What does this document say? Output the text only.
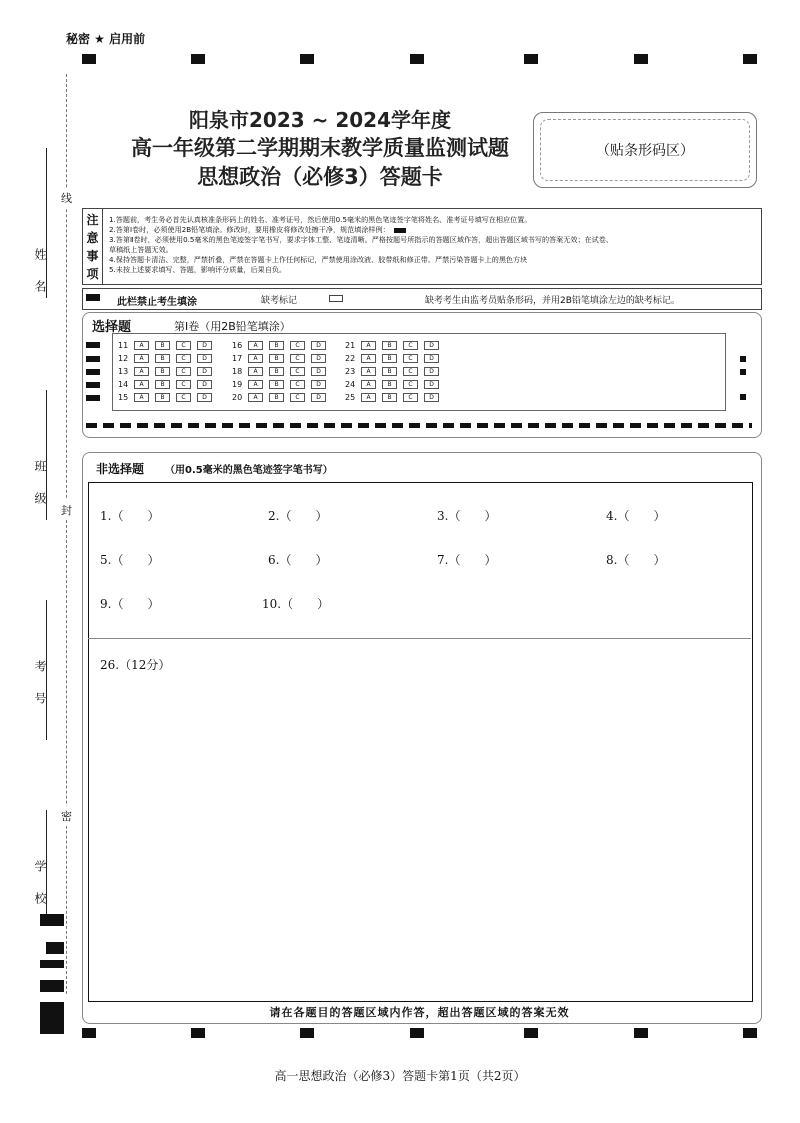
秘密 ★ 启用前
阳泉市2023 ~ 2024学年度
高一年级第二学期期末教学质量监测试题
思想政治（必修3）答题卡
（贴条形码区）
线
封
密
姓　名
班　级
考　号
学　校
注
意
事
项
1.答题前，考生务必首先认真核准条形码上的姓名、准考证号，然后使用0.5毫米的黑色笔迹签字笔将姓名、准考证号填写在相应位置。
2.答第Ⅰ卷时，必须使用2B铅笔填涂。修改时，要用橡皮将修改处擦干净，规范填涂样例：
3.答第Ⅱ卷时，必须使用0.5毫米的黑色笔迹签字笔书写，要求字体工整、笔迹清晰。严格按题号所指示的答题区域作答，超出答题区域书写的答案无效；在试卷、
草稿纸上答题无效。
4.保持答题卡清洁、完整，严禁折叠，严禁在答题卡上作任何标记，严禁使用涂改液、胶带纸和修正带。严禁污染答题卡上的黑色方块
5.未按上述要求填写、答题，影响评分质量，后果自负。
此栏禁止考生填涂	缺考标记	缺考考生由监考员贴条形码，并用2B铅笔填涂左边的缺考标记。
选择题	第Ⅰ卷（用2B铅笔填涂）
11	A	B	C	D
12	A	B	C	D
13	A	B	C	D
14	A	B	C	D
15	A	B	C	D
16	A	B	C	D
17	A	B	C	D
18	A	B	C	D
19	A	B	C	D
20	A	B	C	D
21	A	B	C	D
22	A	B	C	D
23	A	B	C	D
24	A	B	C	D
25	A	B	C	D
非选择题 （用0.5毫米的黑色笔迹签字笔书写）
1.（　　）	2.（　　）	3.（　　）	4.（　　）
5.（　　）	6.（　　）	7.（　　）	8.（　　）
9.（　　）	10.（　　）
26.（12分）
请在各题目的答题区域内作答，超出答题区域的答案无效
高一思想政治（必修3）答题卡第1页（共2页）
